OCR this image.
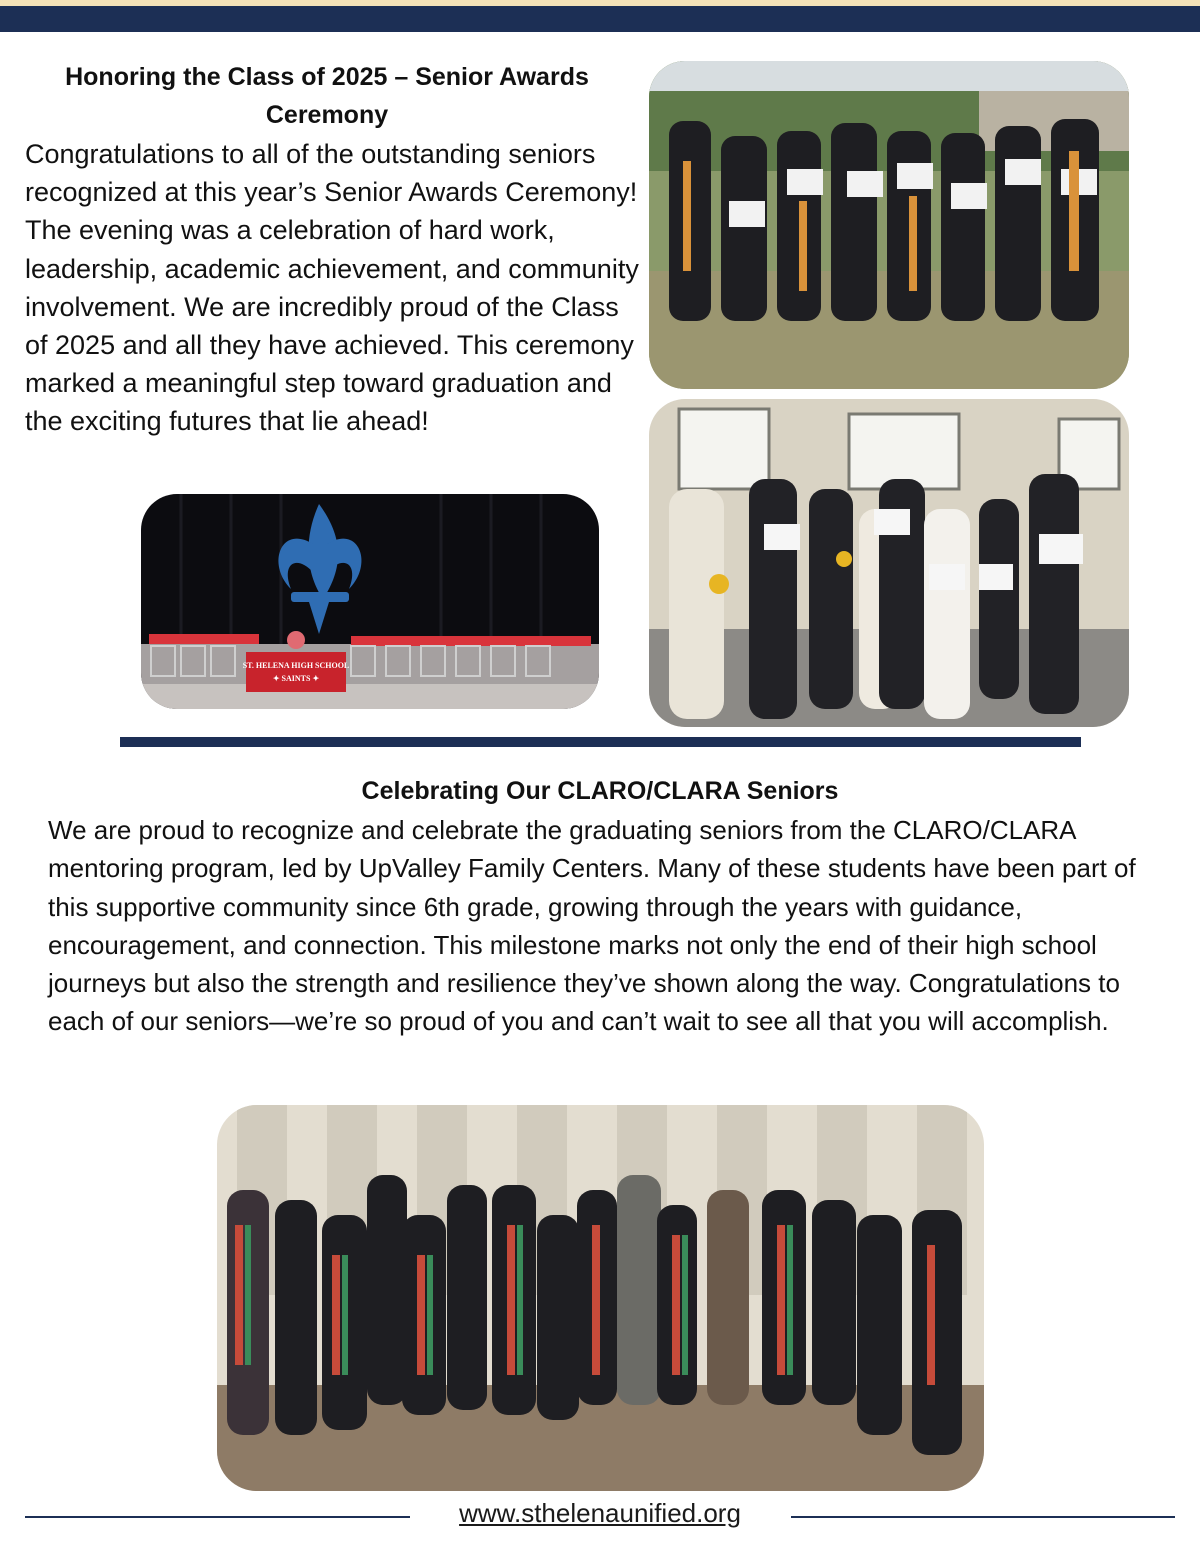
Honoring the Class of 2025 – Senior Awards Ceremony
Congratulations to all of the outstanding seniors recognized at this year’s Senior Awards Ceremony! The evening was a celebration of hard work, leadership, academic achievement, and community involvement. We are incredibly proud of the Class of 2025 and all they have achieved. This ceremony marked a meaningful step toward graduation and the exciting futures that lie ahead!
ST. HELENA HIGH SCHOOL
✦ SAINTS ✦
Celebrating Our CLARO/CLARA Seniors
We are proud to recognize and celebrate the graduating seniors from the CLARO/CLARA mentoring program, led by UpValley Family Centers. Many of these students have been part of this supportive community since 6th grade, growing through the years with guidance, encouragement, and connection. This milestone marks not only the end of their high school journeys but also the strength and resilience they’ve shown along the way. Congratulations to each of our seniors—we’re so proud of you and can’t wait to see all that you will accomplish.
www.sthelenaunified.org
